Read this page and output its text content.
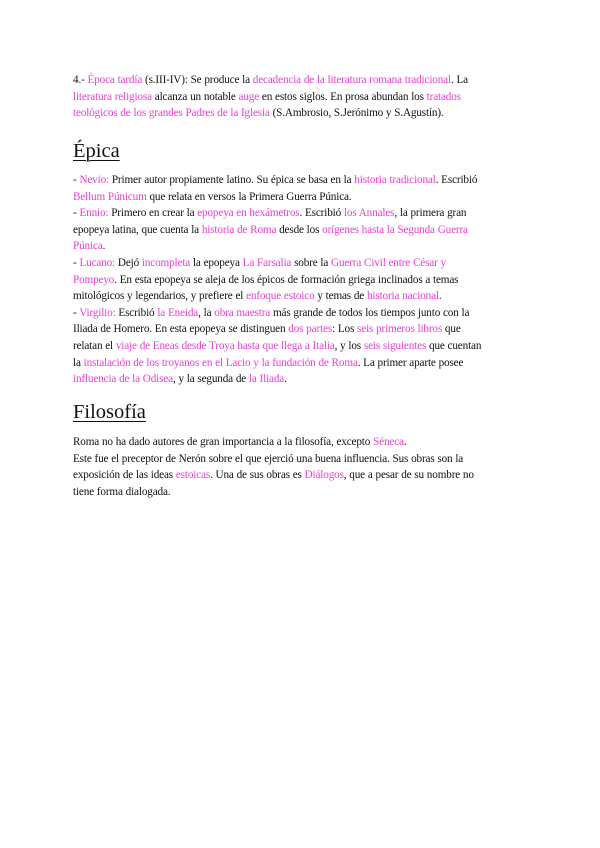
4.- Época tardía (s.III-IV): Se produce la decadencia de la literatura romana tradicional. La
literatura religiosa alcanza un notable auge en estos siglos. En prosa abundan los tratados
teológicos de los grandes Padres de la Iglesia (S.Ambrosio, S.Jerónimo y S.Agustín).
Épica
- Nevio: Primer autor propiamente latino. Su épica se basa en la historia tradicional. Escribió
Bellum Púnicum que relata en versos la Primera Guerra Púnica.
- Ennio: Primero en crear la epopeya en hexámetros. Escribió los Annales, la primera gran
epopeya latina, que cuenta la historia de Roma desde los orígenes hasta la Segunda Guerra
Púnica.
- Lucano: Dejó incompleta la epopeya La Farsalia sobre la Guerra Civil entre César y
Pompeyo. En esta epopeya se aleja de los épicos de formación griega inclinados a temas
mitológicos y legendarios, y prefiere el enfoque estoico y temas de historia nacional.
- Virgilio: Escribió la Eneida, la obra maestra más grande de todos los tiempos junto con la
Iliada de Homero. En esta epopeya se distinguen dos partes: Los seis primeros libros que
relatan el viaje de Eneas desde Troya hasta que llega a Italia, y los seis siguientes que cuentan
la instalación de los troyanos en el Lacio y la fundación de Roma. La primer aparte posee
influencia de la Odisea, y la segunda de la Iliada.
Filosofía
Roma no ha dado autores de gran importancia a la filosofía, excepto Séneca.
Este fue el preceptor de Nerón sobre el que ejerció una buena influencia. Sus obras son la
exposición de las ideas estoicas. Una de sus obras es Diálogos, que a pesar de su nombre no
tiene forma dialogada.
